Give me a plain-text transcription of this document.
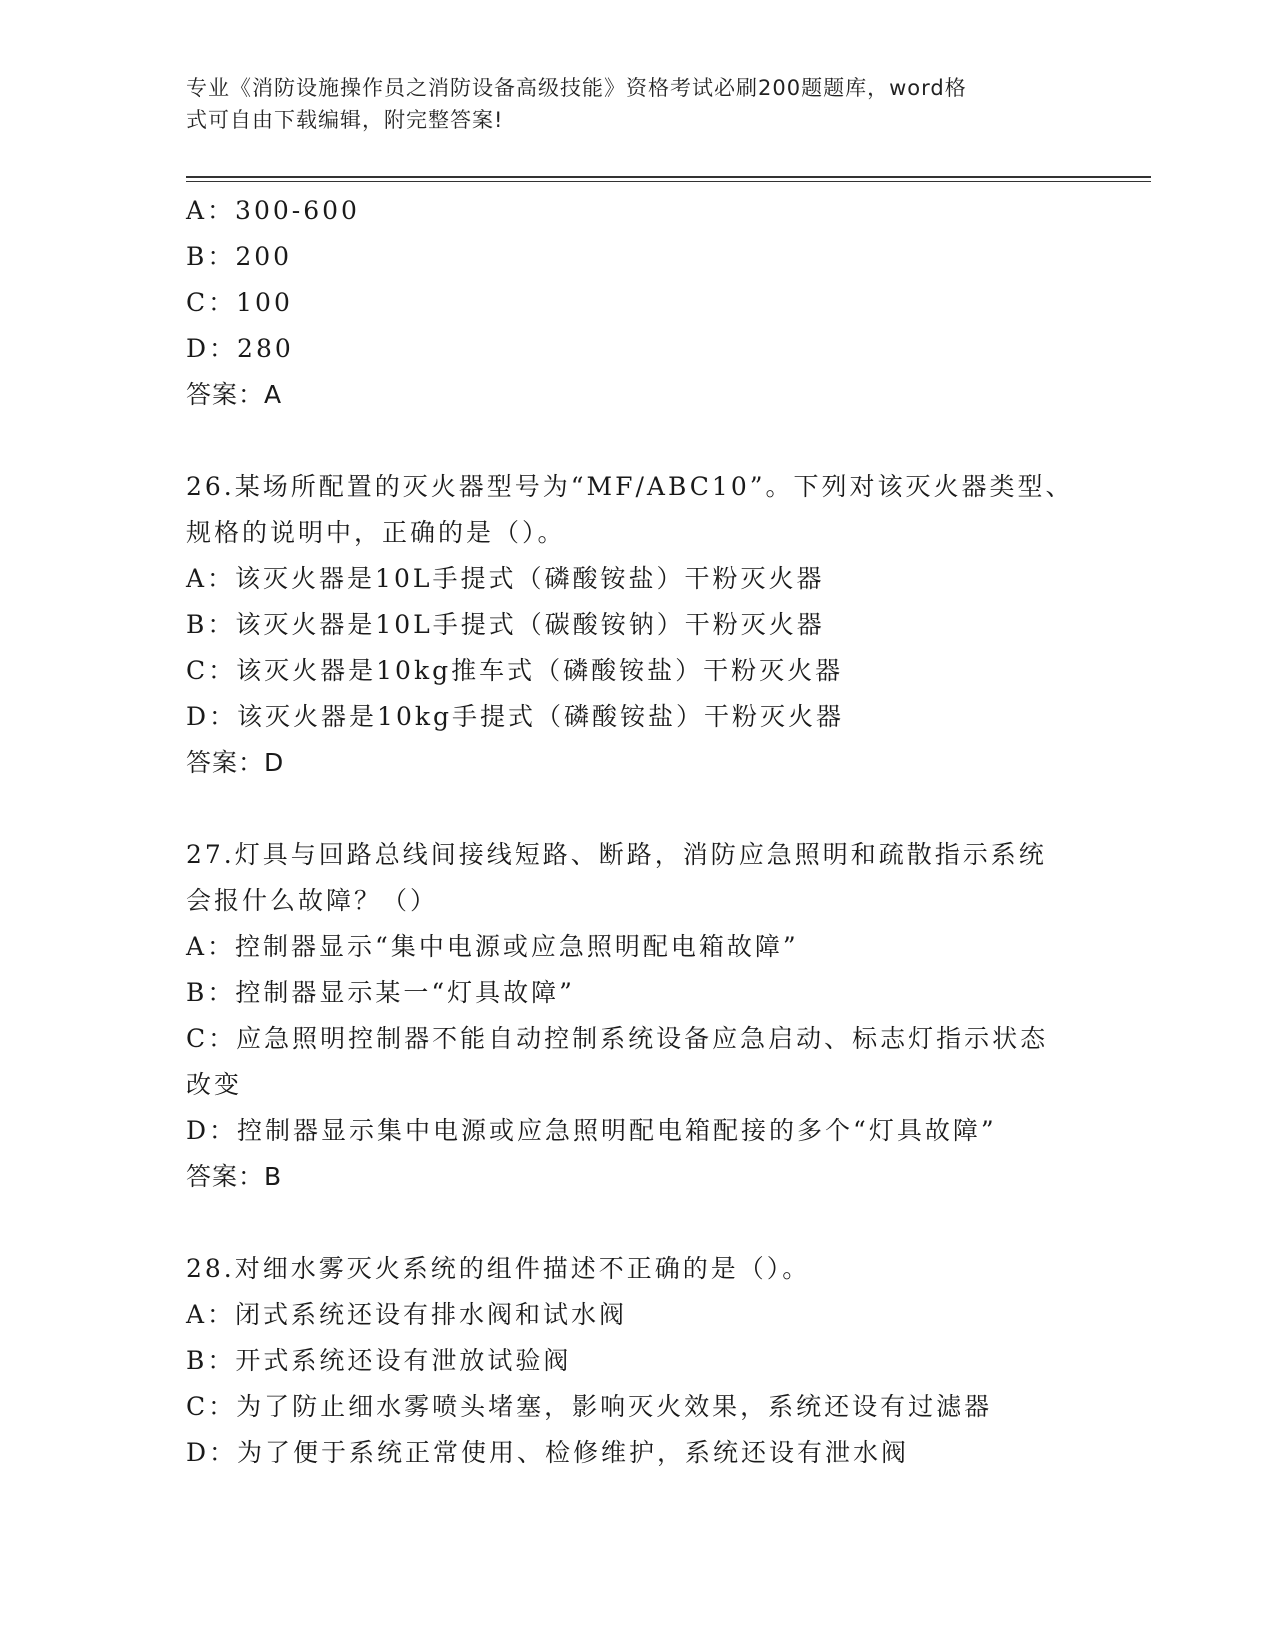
专业《消防设施操作员之消防设备高级技能》资格考试必刷200题题库，word格
式可自由下载编辑，附完整答案!
A：300-600
B：200
C：100
D：280
答案：A
26.某场所配置的灭火器型号为“MF/ABC10”。下列对该灭火器类型、
规格的说明中，正确的是（）。
A：该灭火器是10L手提式（磷酸铵盐）干粉灭火器
B：该灭火器是10L手提式（碳酸铵钠）干粉灭火器
C：该灭火器是10kg推车式（磷酸铵盐）干粉灭火器
D：该灭火器是10kg手提式（磷酸铵盐）干粉灭火器
答案：D
27.灯具与回路总线间接线短路、断路，消防应急照明和疏散指示系统
会报什么故障？（）
A：控制器显示“集中电源或应急照明配电箱故障”
B：控制器显示某一“灯具故障”
C：应急照明控制器不能自动控制系统设备应急启动、标志灯指示状态
改变
D：控制器显示集中电源或应急照明配电箱配接的多个“灯具故障”
答案：B
28.对细水雾灭火系统的组件描述不正确的是（）。
A：闭式系统还设有排水阀和试水阀
B：开式系统还设有泄放试验阀
C：为了防止细水雾喷头堵塞，影响灭火效果，系统还设有过滤器
D：为了便于系统正常使用、检修维护，系统还设有泄水阀
